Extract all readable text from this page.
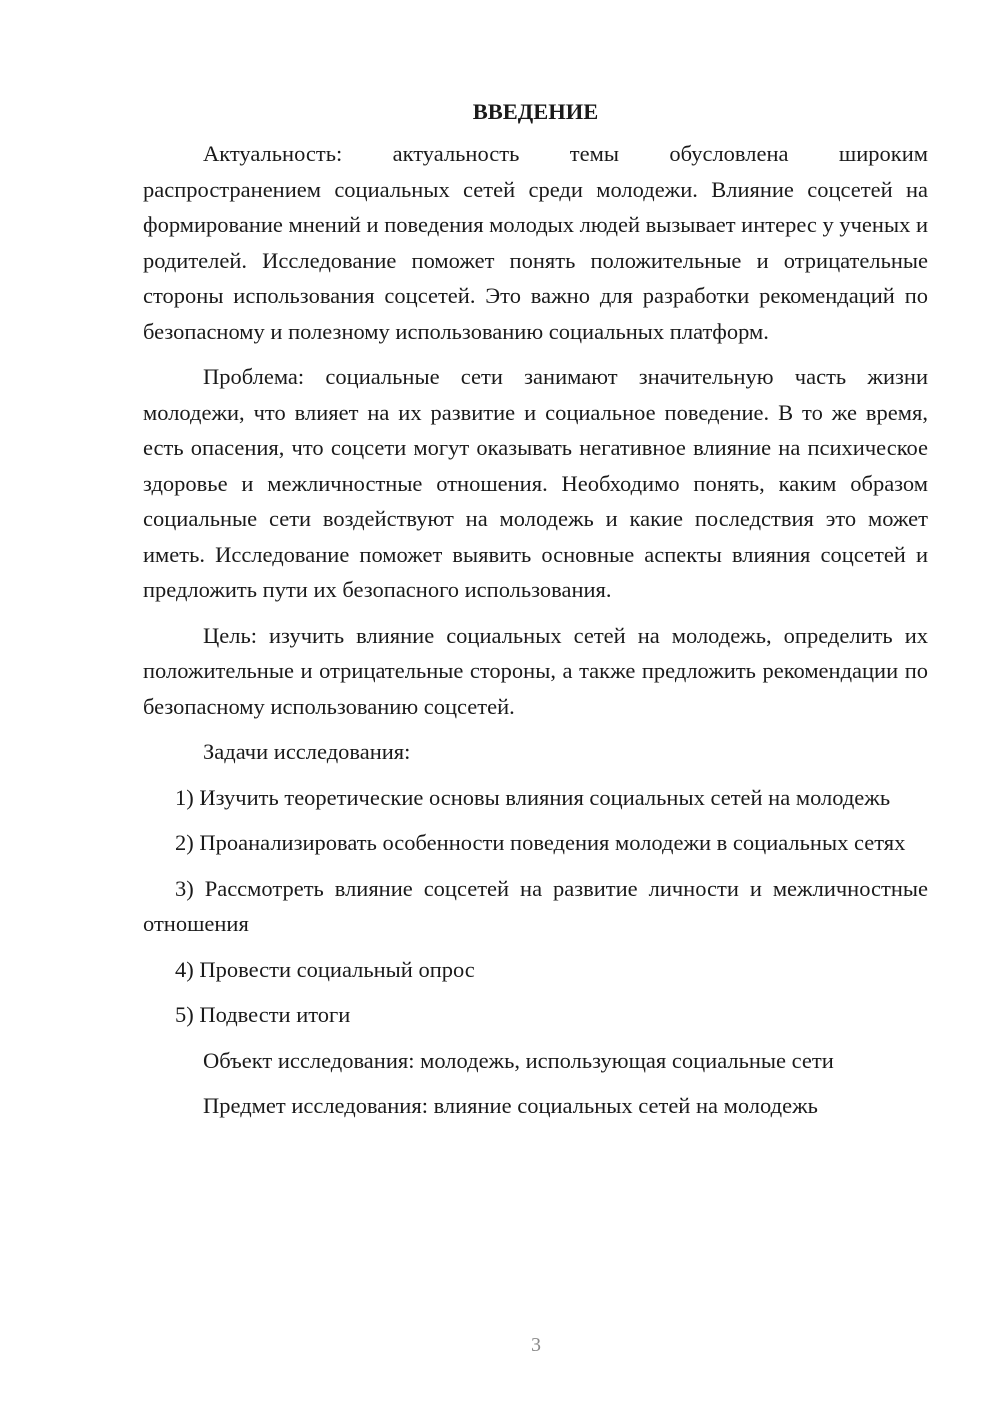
ВВЕДЕНИЕ

Актуальность: актуальность темы обусловлена широким распространением социальных сетей среди молодежи. Влияние соцсетей на формирование мнений и поведения молодых людей вызывает интерес у ученых и родителей. Исследование поможет понять положительные и отрицательные стороны использования соцсетей. Это важно для разработки рекомендаций по безопасному и полезному использованию социальных платформ.

Проблема: социальные сети занимают значительную часть жизни молодежи, что влияет на их развитие и социальное поведение. В то же время, есть опасения, что соцсети могут оказывать негативное влияние на психическое здоровье и межличностные отношения. Необходимо понять, каким образом социальные сети воздействуют на молодежь и какие последствия это может иметь. Исследование поможет выявить основные аспекты влияния соцсетей и предложить пути их безопасного использования.

Цель: изучить влияние социальных сетей на молодежь, определить их положительные и отрицательные стороны, а также предложить рекомендации по безопасному использованию соцсетей.

Задачи исследования:

1) Изучить теоретические основы влияния социальных сетей на молодежь

2) Проанализировать особенности поведения молодежи в социальных сетях

3) Рассмотреть влияние соцсетей на развитие личности и межличностные отношения

4) Провести социальный опрос

5) Подвести итоги

Объект исследования: молодежь, использующая социальные сети

Предмет исследования: влияние социальных сетей на молодежь

3
